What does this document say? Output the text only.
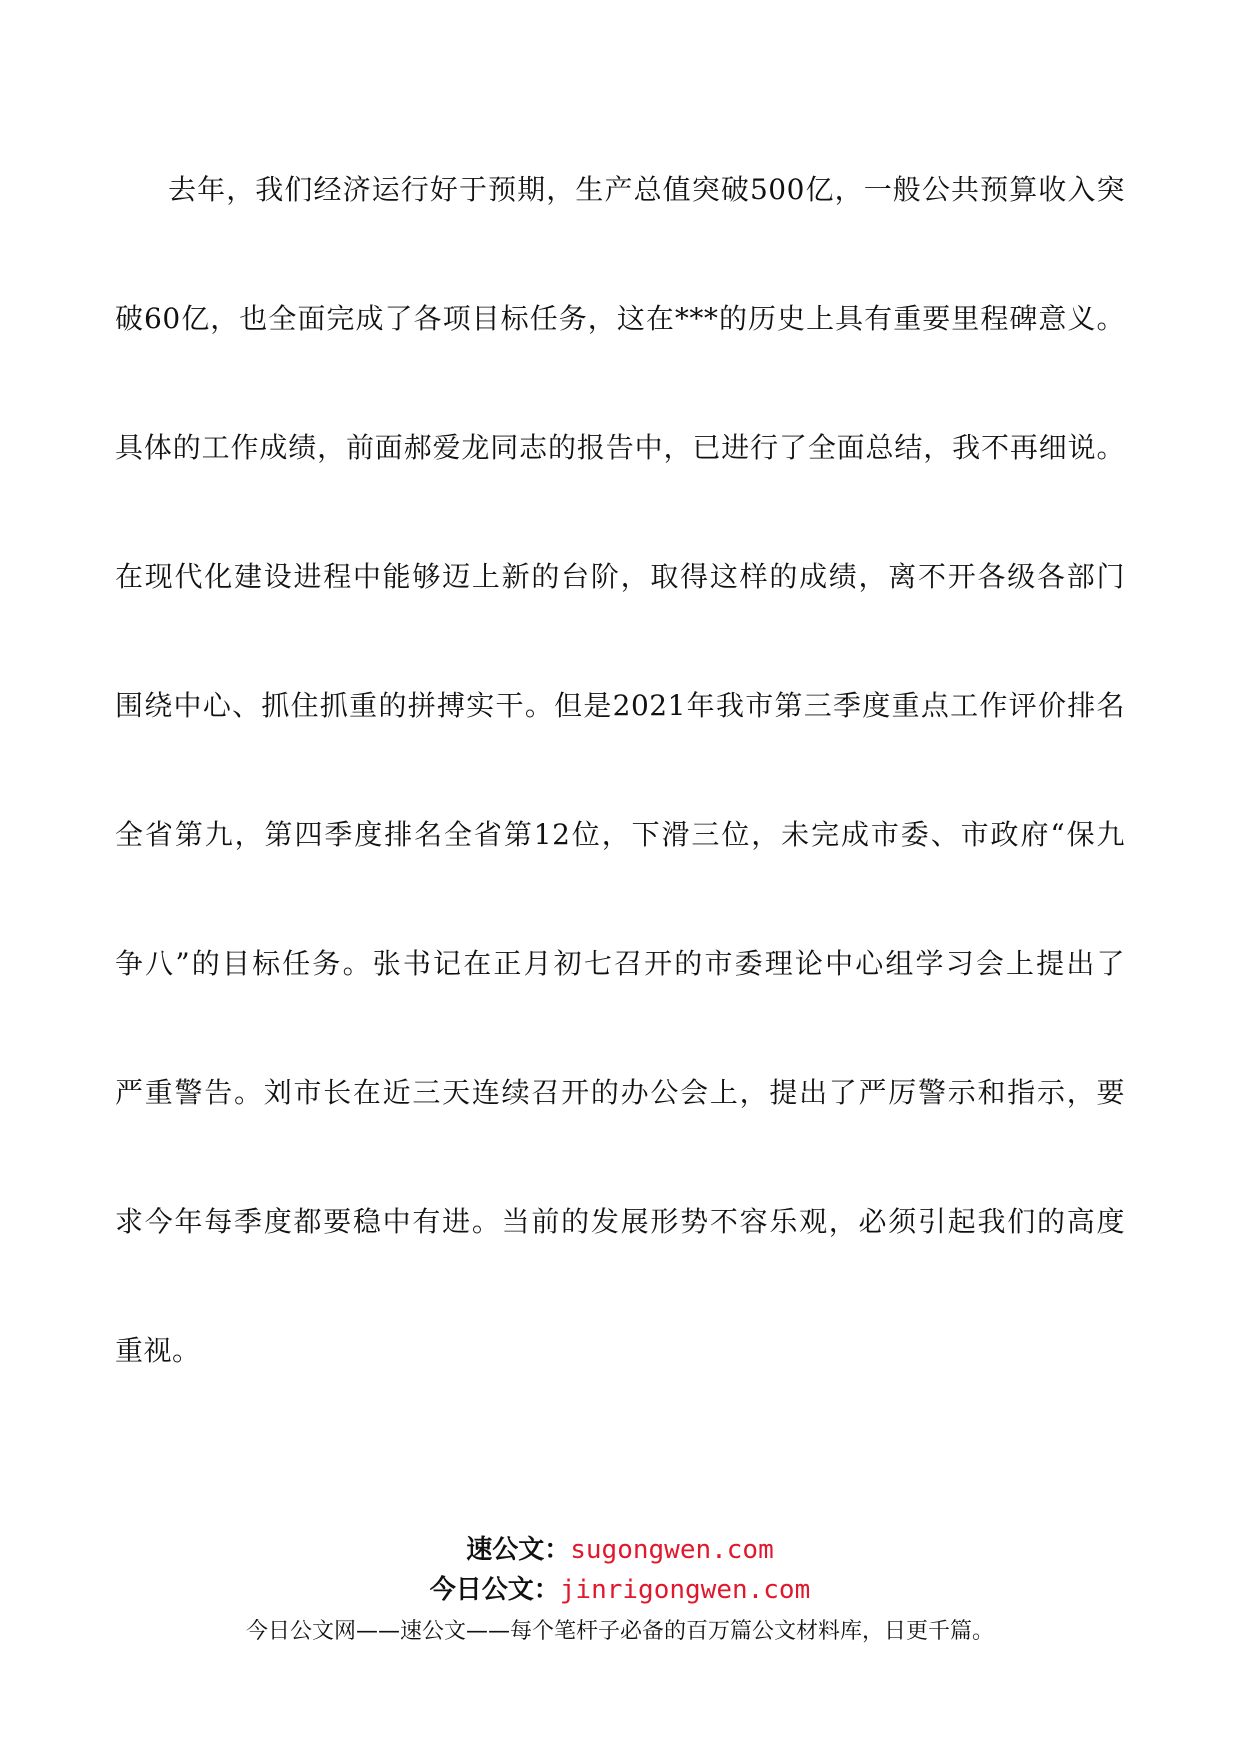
去年，我们经济运行好于预期，生产总值突破500亿，一般公共预算收入突
破60亿，也全面完成了各项目标任务，这在***的历史上具有重要里程碑意义。
具体的工作成绩，前面郝爱龙同志的报告中，已进行了全面总结，我不再细说。
在现代化建设进程中能够迈上新的台阶，取得这样的成绩，离不开各级各部门
围绕中心、抓住抓重的拼搏实干。但是2021年我市第三季度重点工作评价排名
全省第九，第四季度排名全省第12位，下滑三位，未完成市委、市政府“保九
争八”的目标任务。张书记在正月初七召开的市委理论中心组学习会上提出了
严重警告。刘市长在近三天连续召开的办公会上，提出了严厉警示和指示，要
求今年每季度都要稳中有进。当前的发展形势不容乐观，必须引起我们的高度
重视。
速公文：sugongwen.com
今日公文：jinrigongwen.com
今日公文网——速公文——每个笔杆子必备的百万篇公文材料库，日更千篇。
